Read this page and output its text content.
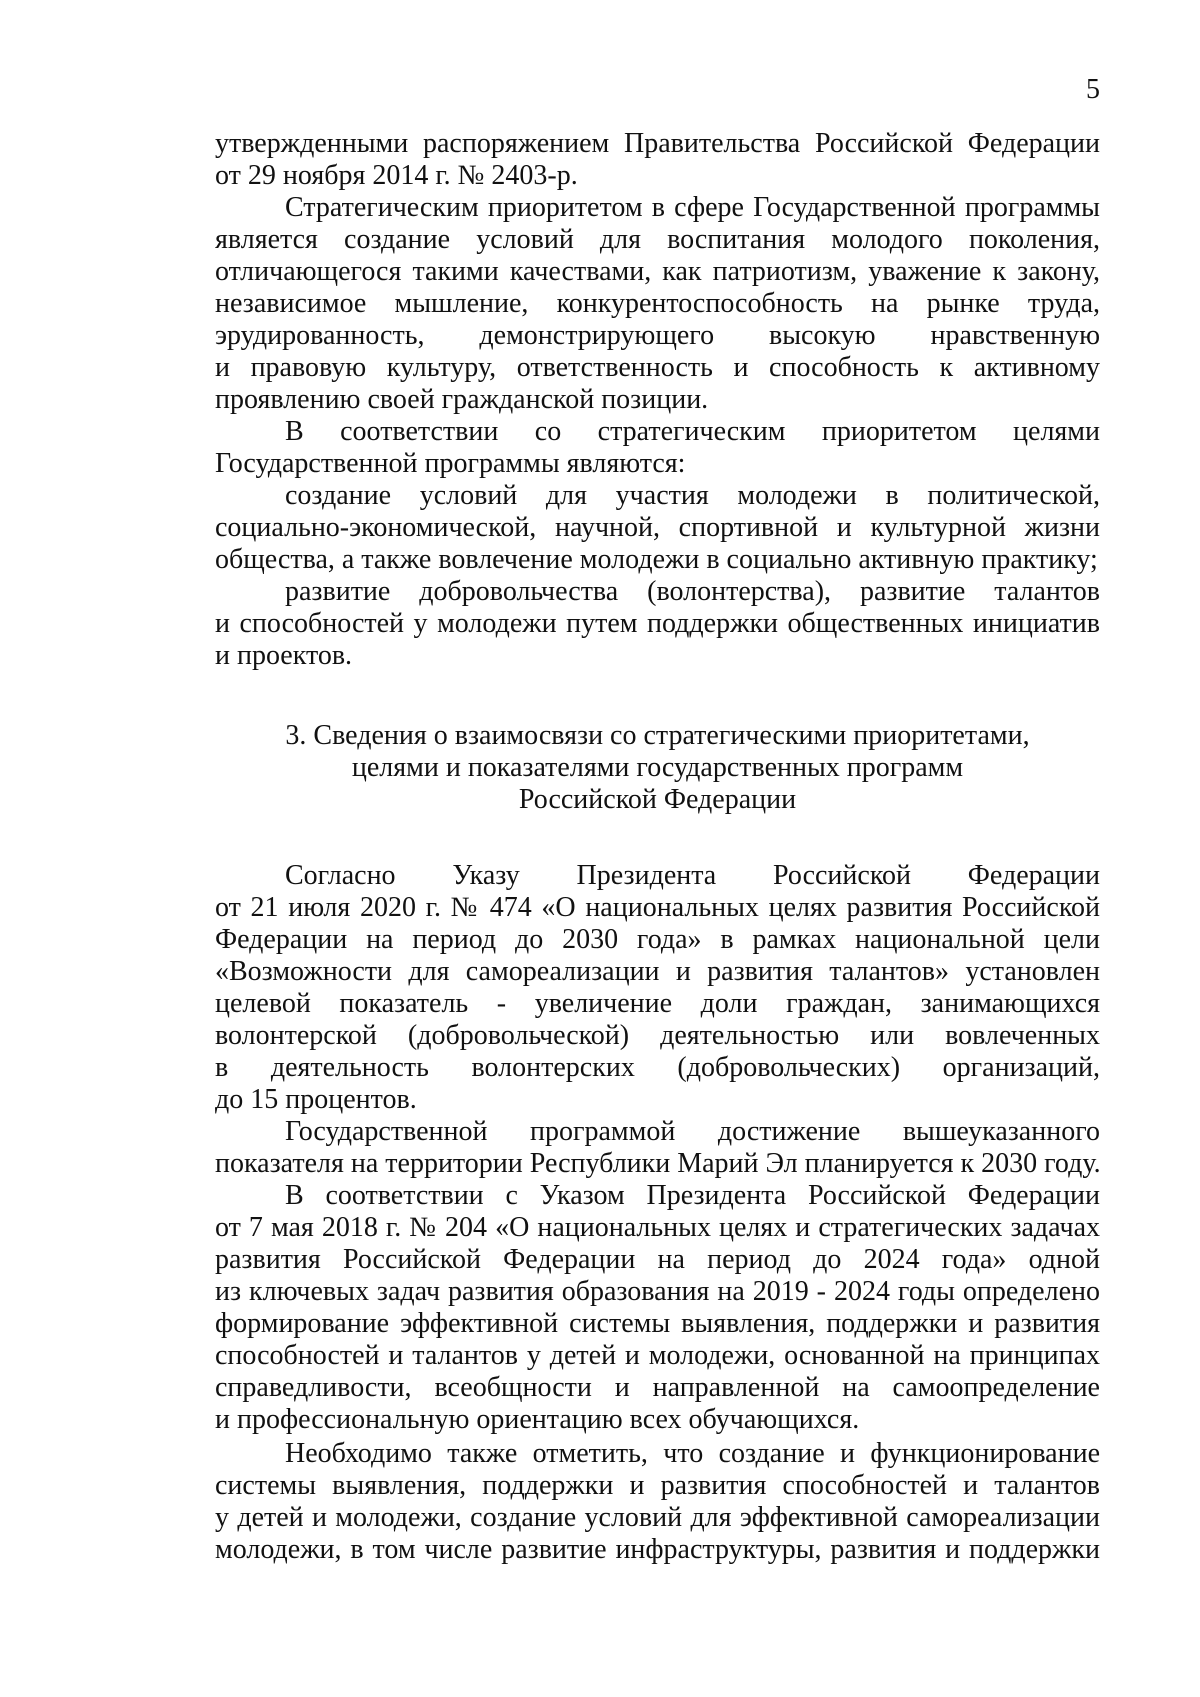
5
утвержденными распоряжением Правительства Российской Федерации
от 29 ноября 2014 г. № 2403-р.
Стратегическим приоритетом в сфере Государственной программы
является создание условий для воспитания молодого поколения,
отличающегося такими качествами, как патриотизм, уважение к закону,
независимое мышление, конкурентоспособность на рынке труда,
эрудированность, демонстрирующего высокую нравственную
и правовую культуру, ответственность и способность к активному
проявлению своей гражданской позиции.
В соответствии со стратегическим приоритетом целями
Государственной программы являются:
создание условий для участия молодежи в политической,
социально-экономической, научной, спортивной и культурной жизни
общества, а также вовлечение молодежи в социально активную практику;
развитие добровольчества (волонтерства), развитие талантов
и способностей у молодежи путем поддержки общественных инициатив
и проектов.
3. Сведения о взаимосвязи со стратегическими приоритетами,
целями и показателями государственных программ
Российской Федерации
Согласно Указу Президента Российской Федерации
от 21 июля 2020 г. № 474 «О национальных целях развития Российской
Федерации на период до 2030 года» в рамках национальной цели
«Возможности для самореализации и развития талантов» установлен
целевой показатель - увеличение доли граждан, занимающихся
волонтерской (добровольческой) деятельностью или вовлеченных
в деятельность волонтерских (добровольческих) организаций,
до 15 процентов.
Государственной программой достижение вышеуказанного
показателя на территории Республики Марий Эл планируется к 2030 году.
В соответствии с Указом Президента Российской Федерации
от 7 мая 2018 г. № 204 «О национальных целях и стратегических задачах
развития Российской Федерации на период до 2024 года» одной
из ключевых задач развития образования на 2019 - 2024 годы определено
формирование эффективной системы выявления, поддержки и развития
способностей и талантов у детей и молодежи, основанной на принципах
справедливости, всеобщности и направленной на самоопределение
и профессиональную ориентацию всех обучающихся.
Необходимо также отметить, что создание и функционирование
системы выявления, поддержки и развития способностей и талантов
у детей и молодежи, создание условий для эффективной самореализации
молодежи, в том числе развитие инфраструктуры, развития и поддержки
